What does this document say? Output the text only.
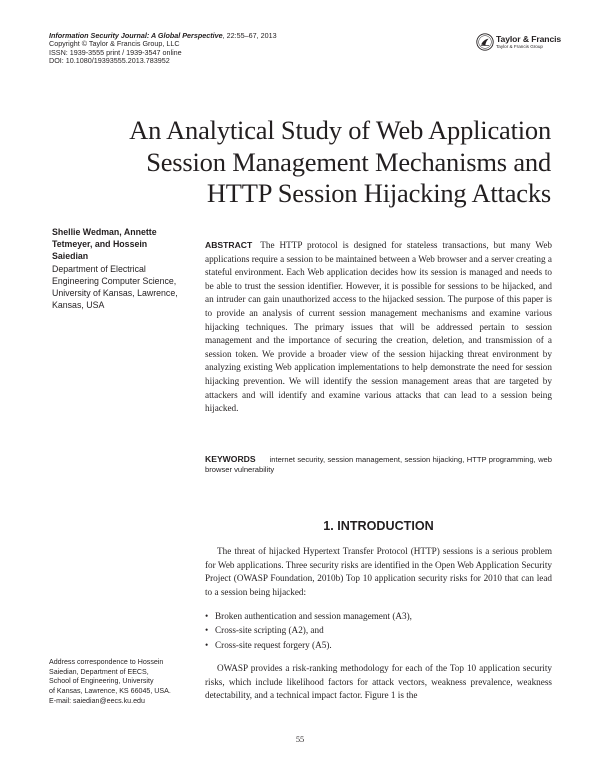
Information Security Journal: A Global Perspective, 22:55–67, 2013
Copyright © Taylor & Francis Group, LLC
ISSN: 1939-3555 print / 1939-3547 online
DOI: 10.1080/19393555.2013.783952
Taylor & Francis
Taylor & Francis Group
An Analytical Study of Web Application
Session Management Mechanisms and
HTTP Session Hijacking Attacks
Shellie Wedman, Annette
Tetmeyer, and Hossein
Saiedian
Department of Electrical
Engineering Computer Science,
University of Kansas, Lawrence,
Kansas, USA
ABSTRACT The HTTP protocol is designed for stateless transactions, but many Web applications require a session to be maintained between a Web browser and a server creating a stateful environment. Each Web application decides how its session is managed and needs to be able to trust the session identifier. However, it is possible for sessions to be hijacked, and an intruder can gain unauthorized access to the hijacked session. The purpose of this paper is to provide an analysis of current session management mechanisms and examine various hijacking techniques. The primary issues that will be addressed pertain to session management and the importance of securing the creation, deletion, and transmission of a session token. We provide a broader view of the session hijacking threat environment by analyzing existing Web application implementations to help demonstrate the need for session hijacking prevention. We will identify the session management areas that are targeted by attackers and will identify and examine various attacks that can lead to a session being hijacked.
KEYWORDS internet security, session management, session hijacking, HTTP programming, web browser vulnerability
1. INTRODUCTION
The threat of hijacked Hypertext Transfer Protocol (HTTP) sessions is a serious problem for Web applications. Three security risks are identified in the Open Web Application Security Project (OWASP Foundation, 2010b) Top 10 application security risks for 2010 that can lead to a session being hijacked:
• Broken authentication and session management (A3),
• Cross-site scripting (A2), and
• Cross-site request forgery (A5).
OWASP provides a risk-ranking methodology for each of the Top 10 application security risks, which include likelihood factors for attack vectors, weakness prevalence, weakness detectability, and a technical impact factor. Figure 1 is the
Address correspondence to Hossein
Saiedian, Department of EECS,
School of Engineering, University
of Kansas, Lawrence, KS 66045, USA.
E-mail: saiedian@eecs.ku.edu
55
